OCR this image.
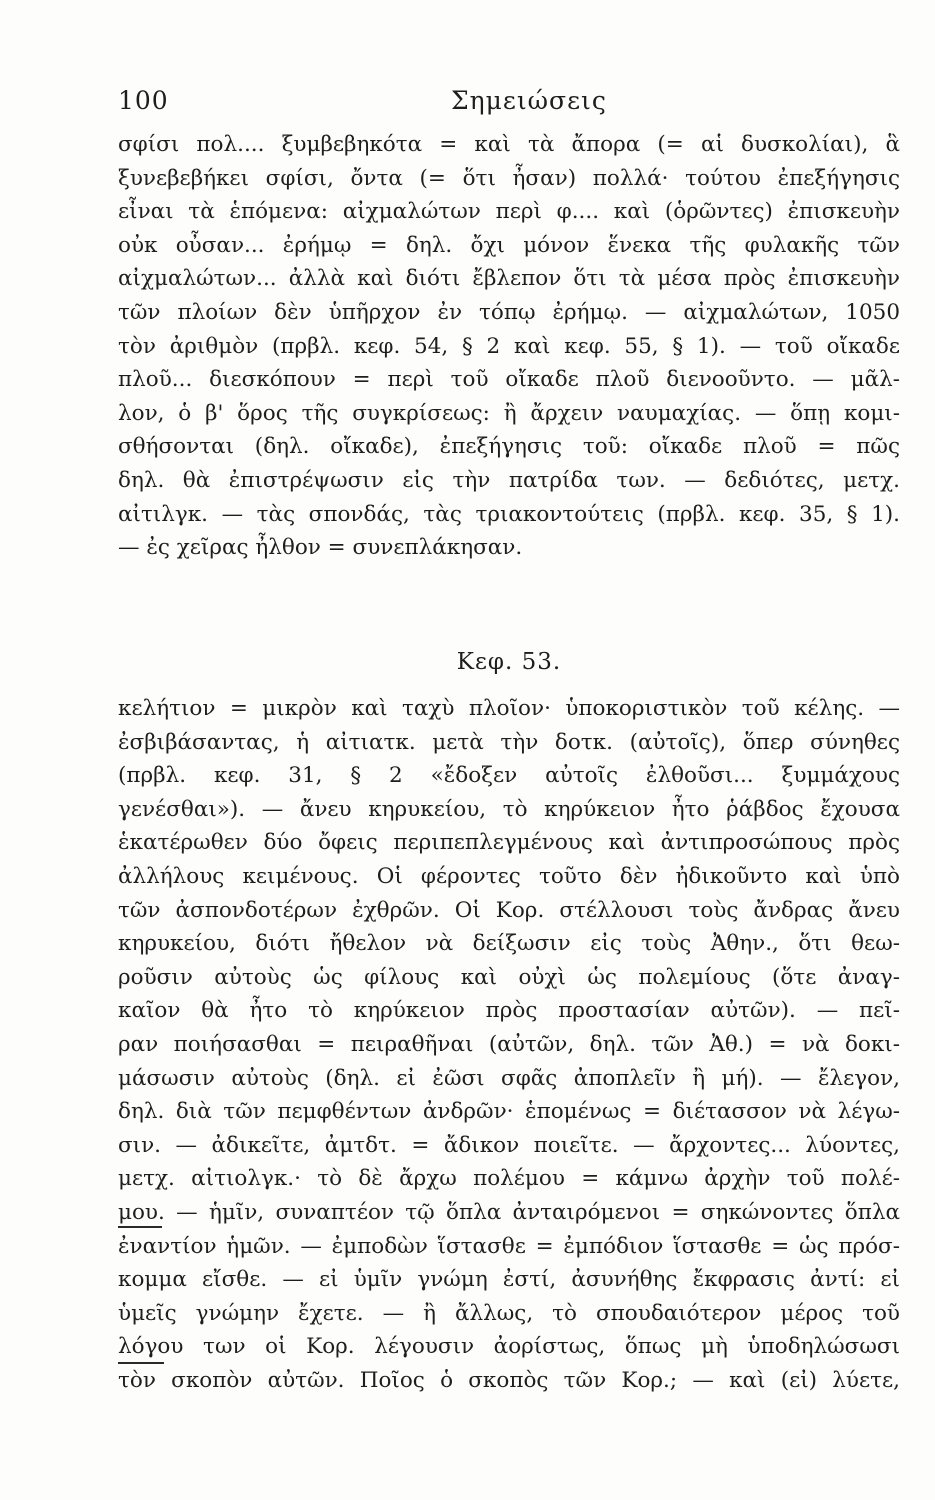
100	Σημειώσεις
σφίσι πολ.... ξυμβεβηκότα = καὶ τὰ ἄπορα (= αἱ δυσκολίαι), ἃ
ξυνεβεβήκει σφίσι, ὄντα (= ὅτι ἦσαν) πολλά· τούτου ἐπεξήγησις
εἶναι τὰ ἑπόμενα: αἰχμαλώτων περὶ φ.... καὶ (ὁρῶντες) ἐπισκευὴν
οὐκ οὖσαν... ἐρήμῳ = δηλ. ὄχι μόνον ἕνεκα τῆς φυλακῆς τῶν
αἰχμαλώτων... ἀλλὰ καὶ διότι ἔβλεπον ὅτι τὰ μέσα πρὸς ἐπισκευὴν
τῶν πλοίων δὲν ὑπῆρχον ἐν τόπῳ ἐρήμῳ. — αἰχμαλώτων, 1050
τὸν ἀριθμὸν (πρβλ. κεφ. 54, § 2 καὶ κεφ. 55, § 1). — τοῦ οἴκαδε
πλοῦ... διεσκόπουν = περὶ τοῦ οἴκαδε πλοῦ διενοοῦντο. — μᾶλ-
λον, ὁ β' ὅρος τῆς συγκρίσεως: ἢ ἄρχειν ναυμαχίας. — ὅπῃ κομι-
σθήσονται (δηλ. οἴκαδε), ἐπεξήγησις τοῦ: οἴκαδε πλοῦ = πῶς
δηλ. θὰ ἐπιστρέψωσιν εἰς τὴν πατρίδα των. — δεδιότες, μετχ.
αἰτιλγκ. — τὰς σπονδάς, τὰς τριακοντούτεις (πρβλ. κεφ. 35, § 1).
— ἐς χεῖρας ἦλθον = συνεπλάκησαν.
Κεφ. 53.
κελήτιον = μικρὸν καὶ ταχὺ πλοῖον· ὑποκοριστικὸν τοῦ κέλης. —
ἐσβιβάσαντας, ἡ αἰτιατκ. μετὰ τὴν δοτκ. (αὐτοῖς), ὅπερ σύνηθες
(πρβλ. κεφ. 31, § 2 «ἔδοξεν αὐτοῖς ἐλθοῦσι... ξυμμάχους
γενέσθαι»). — ἄνευ κηρυκείου, τὸ κηρύκειον ἦτο ῥάβδος ἔχουσα
ἑκατέρωθεν δύο ὄφεις περιπεπλεγμένους καὶ ἀντιπροσώπους πρὸς
ἀλλήλους κειμένους. Οἱ φέροντες τοῦτο δὲν ἠδικοῦντο καὶ ὑπὸ
τῶν ἀσπονδοτέρων ἐχθρῶν. Οἱ Κορ. στέλλουσι τοὺς ἄνδρας ἄνευ
κηρυκείου, διότι ἤθελον νὰ δείξωσιν εἰς τοὺς Ἀθην., ὅτι θεω-
ροῦσιν αὐτοὺς ὡς φίλους καὶ οὐχὶ ὡς πολεμίους (ὅτε ἀναγ-
καῖον θὰ ἦτο τὸ κηρύκειον πρὸς προστασίαν αὐτῶν). — πεῖ-
ραν ποιήσασθαι = πειραθῆναι (αὐτῶν, δηλ. τῶν Ἀθ.) = νὰ δοκι-
μάσωσιν αὐτοὺς (δηλ. εἰ ἐῶσι σφᾶς ἀποπλεῖν ἢ μή). — ἔλεγον,
δηλ. διὰ τῶν πεμφθέντων ἀνδρῶν· ἑπομένως = διέτασσον νὰ λέγω-
σιν. — ἀδικεῖτε, ἀμτδτ. = ἄδικον ποιεῖτε. — ἄρχοντες... λύοντες,
μετχ. αἰτιολγκ.· τὸ δὲ ἄρχω πολέμου = κάμνω ἀρχὴν τοῦ πολέ-
μου. — ἡμῖν, συναπτέον τῷ ὅπλα ἀνταιρόμενοι = σηκώνοντες ὅπλα
ἐναντίον ἡμῶν. — ἐμποδὼν ἵστασθε = ἐμπόδιον ἵστασθε = ὡς πρόσ-
κομμα εἴσθε. — εἰ ὑμῖν γνώμη ἐστί, ἀσυνήθης ἔκφρασις ἀντί: εἰ
ὑμεῖς γνώμην ἔχετε. — ἢ ἄλλως, τὸ σπουδαιότερον μέρος τοῦ
λόγου των οἱ Κορ. λέγουσιν ἀορίστως, ὅπως μὴ ὑποδηλώσωσι
τὸν σκοπὸν αὐτῶν. Ποῖος ὁ σκοπὸς τῶν Κορ.; — καὶ (εἰ) λύετε,
